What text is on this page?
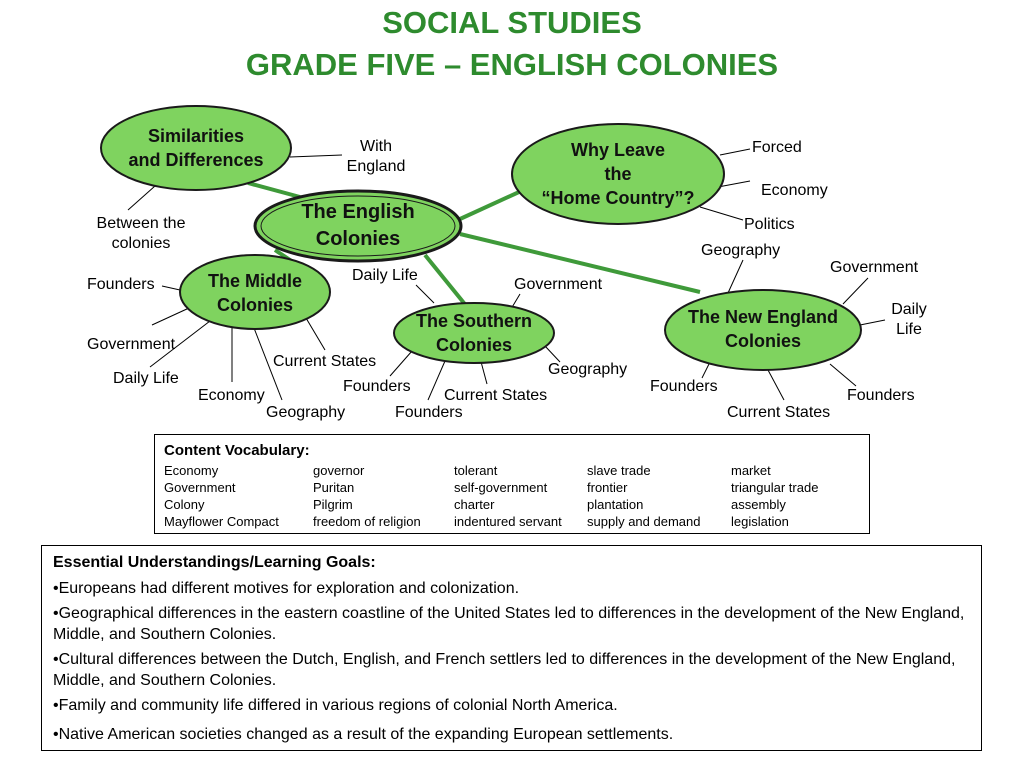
SOCIAL STUDIES
GRADE FIVE – ENGLISH COLONIES
Similarities
and Differences	Why Leave
the
“Home Country”?
The English
Colonies
The Middle
Colonies
The Southern
Colonies
The New England
Colonies
With
England
Between the
colonies
Forced
Economy
Politics
Geography
Daily Life
Founders
Government
Daily Life
Economy
Geography
Current States
Government
Geography
Current States
Founders
Founders
Government
Daily
Life
Founders
Current States
Founders
Content Vocabulary:
Economy
Government
Colony
Mayflower Compact
governor
Puritan
Pilgrim
freedom of religion
tolerant
self-government
charter
indentured servant
slave trade
frontier
plantation
supply and demand
market
triangular trade
assembly
legislation
Essential Understandings/Learning Goals:
•Europeans had different motives for exploration and colonization.
•Geographical differences in the eastern coastline of the United States led to differences in the development of the New England, Middle, and Southern Colonies.
•Cultural differences between the Dutch, English, and French settlers led to differences in the development of the New England, Middle, and Southern Colonies.
•Family and community life differed in various regions of colonial North America.
•Native American societies changed as a result of the expanding European settlements.
